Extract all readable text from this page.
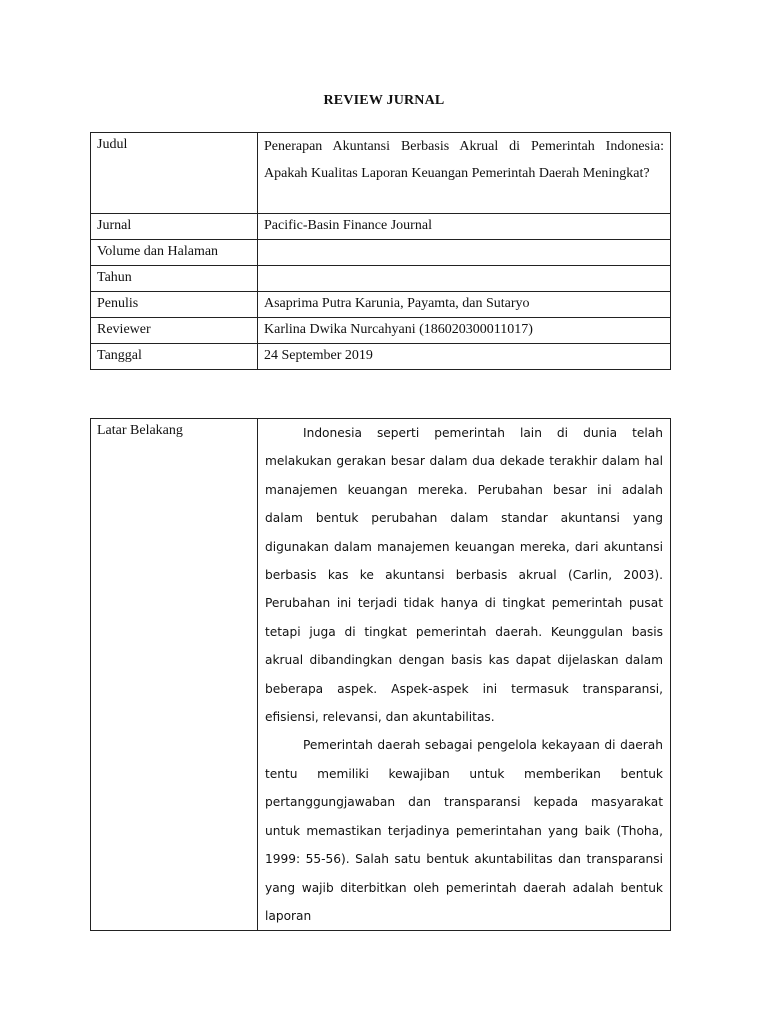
REVIEW JURNAL
Judul	Penerapan Akuntansi Berbasis Akrual di Pemerintah Indonesia: Apakah Kualitas Laporan Keuangan Pemerintah Daerah Meningkat?
Jurnal	Pacific-Basin Finance Journal
Volume dan Halaman	
Tahun	
Penulis	Asaprima Putra Karunia, Payamta, dan Sutaryo
Reviewer	Karlina Dwika Nurcahyani (186020300011017)
Tanggal	24 September 2019
Latar Belakang	Indonesia seperti pemerintah lain di dunia telah melakukan gerakan besar dalam dua dekade terakhir dalam hal manajemen keuangan mereka. Perubahan besar ini adalah dalam bentuk perubahan dalam standar akuntansi yang digunakan dalam manajemen keuangan mereka, dari akuntansi berbasis kas ke akuntansi berbasis akrual (Carlin, 2003). Perubahan ini terjadi tidak hanya di tingkat pemerintah pusat tetapi juga di tingkat pemerintah daerah. Keunggulan basis akrual dibandingkan dengan basis kas dapat dijelaskan dalam beberapa aspek. Aspek-aspek ini termasuk transparansi, efisiensi, relevansi, dan akuntabilitas.

Pemerintah daerah sebagai pengelola kekayaan di daerah tentu memiliki kewajiban untuk memberikan bentuk pertanggungjawaban dan transparansi kepada masyarakat untuk memastikan terjadinya pemerintahan yang baik (Thoha, 1999: 55-56). Salah satu bentuk akuntabilitas dan transparansi yang wajib diterbitkan oleh pemerintah daerah adalah bentuk laporan
